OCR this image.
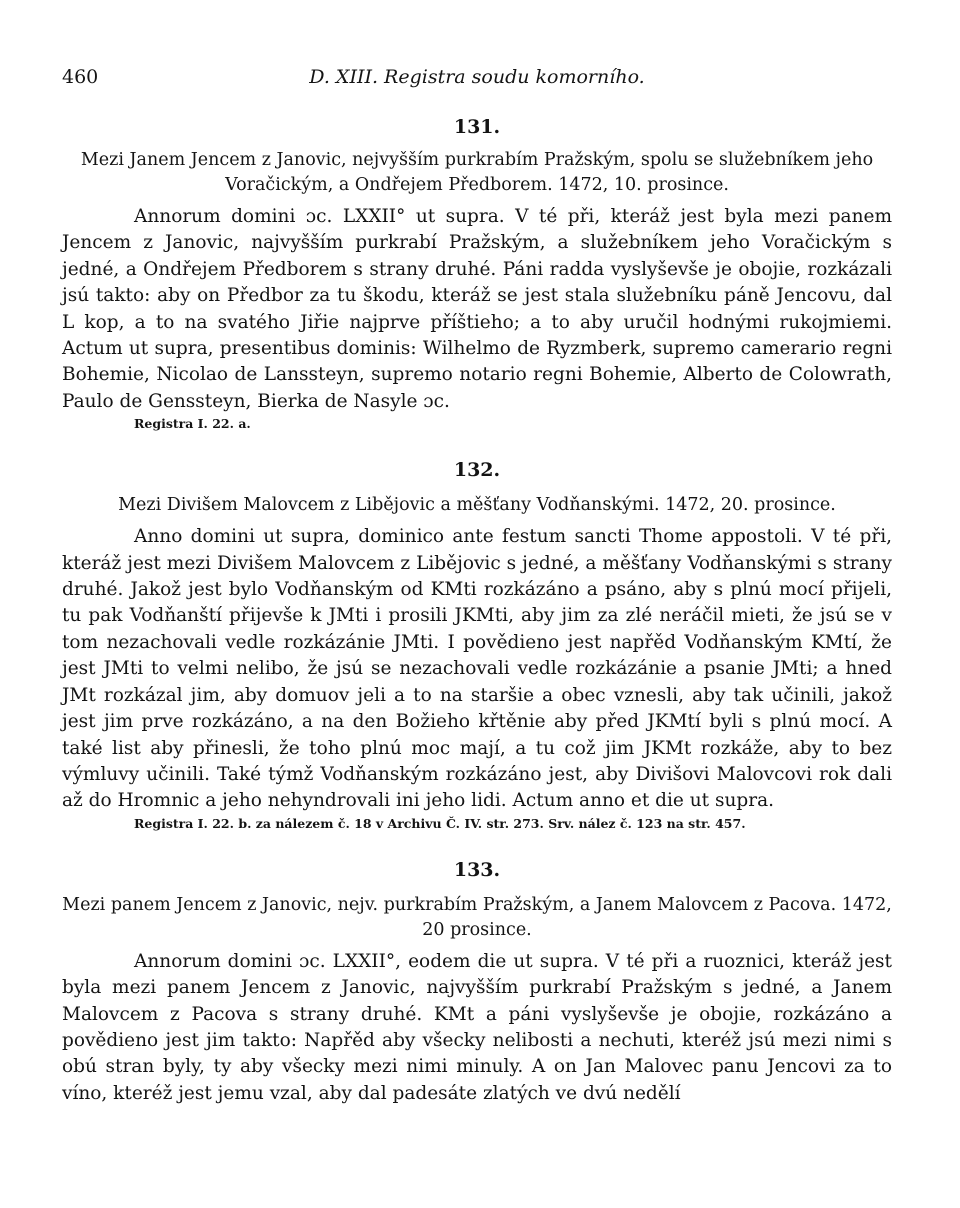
460	D. XIII. Registra soudu komorního.
131.

Mezi Janem Jencem z Janovic, nejvyšším purkrabím Pražským, spolu se služebníkem jeho Voračickým, a Ondřejem Předborem. 1472, 10. prosince.

Annorum domini ɔc. LXXII° ut supra. V té při, kteráž jest byla mezi panem Jencem z Janovic, najvyšším purkrabí Pražským, a služebníkem jeho Voračickým s jedné, a Ondřejem Předborem s strany druhé. Páni radda vyslyševše je obojie, rozkázali jsú takto: aby on Předbor za tu škodu, kteráž se jest stala služebníku páně Jencovu, dal L kop, a to na svatého Jiřie najprve příštieho; a to aby uručil hodnými rukojmiemi. Actum ut supra, presentibus dominis: Wilhelmo de Ryzmberk, supremo camerario regni Bohemie, Nicolao de Lanssteyn, supremo notario regni Bohemie, Alberto de Colowrath, Paulo de Genssteyn, Bierka de Nasyle ɔc.

Registra I. 22. a.

132.

Mezi Divišem Malovcem z Libějovic a měšťany Vodňanskými. 1472, 20. prosince.

Anno domini ut supra, dominico ante festum sancti Thome appostoli. V té při, kteráž jest mezi Divišem Malovcem z Libějovic s jedné, a měšťany Vodňanskými s strany druhé. Jakož jest bylo Vodňanským od KMti rozkázáno a psáno, aby s plnú mocí přijeli, tu pak Vodňanští přijevše k JMti i prosili JKMti, aby jim za zlé neráčil mieti, že jsú se v tom nezachovali vedle rozkázánie JMti. I povědieno jest napřěd Vodňanským KMtí, že jest JMti to velmi nelibo, že jsú se nezachovali vedle rozkázánie a psanie JMti; a hned JMt rozkázal jim, aby domuov jeli a to na staršie a obec vznesli, aby tak učinili, jakož jest jim prve rozkázáno, a na den Božieho křtěnie aby před JKMtí byli s plnú mocí. A také list aby přinesli, že toho plnú moc mají, a tu což jim JKMt rozkáže, aby to bez výmluvy učinili. Také týmž Vodňanským rozkázáno jest, aby Divišovi Malovcovi rok dali až do Hromnic a jeho nehyndrovali ini jeho lidi. Actum anno et die ut supra.

Registra I. 22. b. za nálezem č. 18 v Archivu Č. IV. str. 273. Srv. nález č. 123 na str. 457.

133.

Mezi panem Jencem z Janovic, nejv. purkrabím Pražským, a Janem Malovcem z Pacova. 1472, 20 prosince.

Annorum domini ɔc. LXXII°, eodem die ut supra. V té při a ruoznici, kteráž jest byla mezi panem Jencem z Janovic, najvyšším purkrabí Pražským s jedné, a Janem Malovcem z Pacova s strany druhé. KMt a páni vyslyševše je obojie, rozkázáno a povědieno jest jim takto: Napřěd aby všecky nelibosti a nechuti, kteréž jsú mezi nimi s obú stran byly, ty aby všecky mezi nimi minuly. A on Jan Malovec panu Jencovi za to víno, kteréž jest jemu vzal, aby dal padesáte zlatých ve dvú nedělí
